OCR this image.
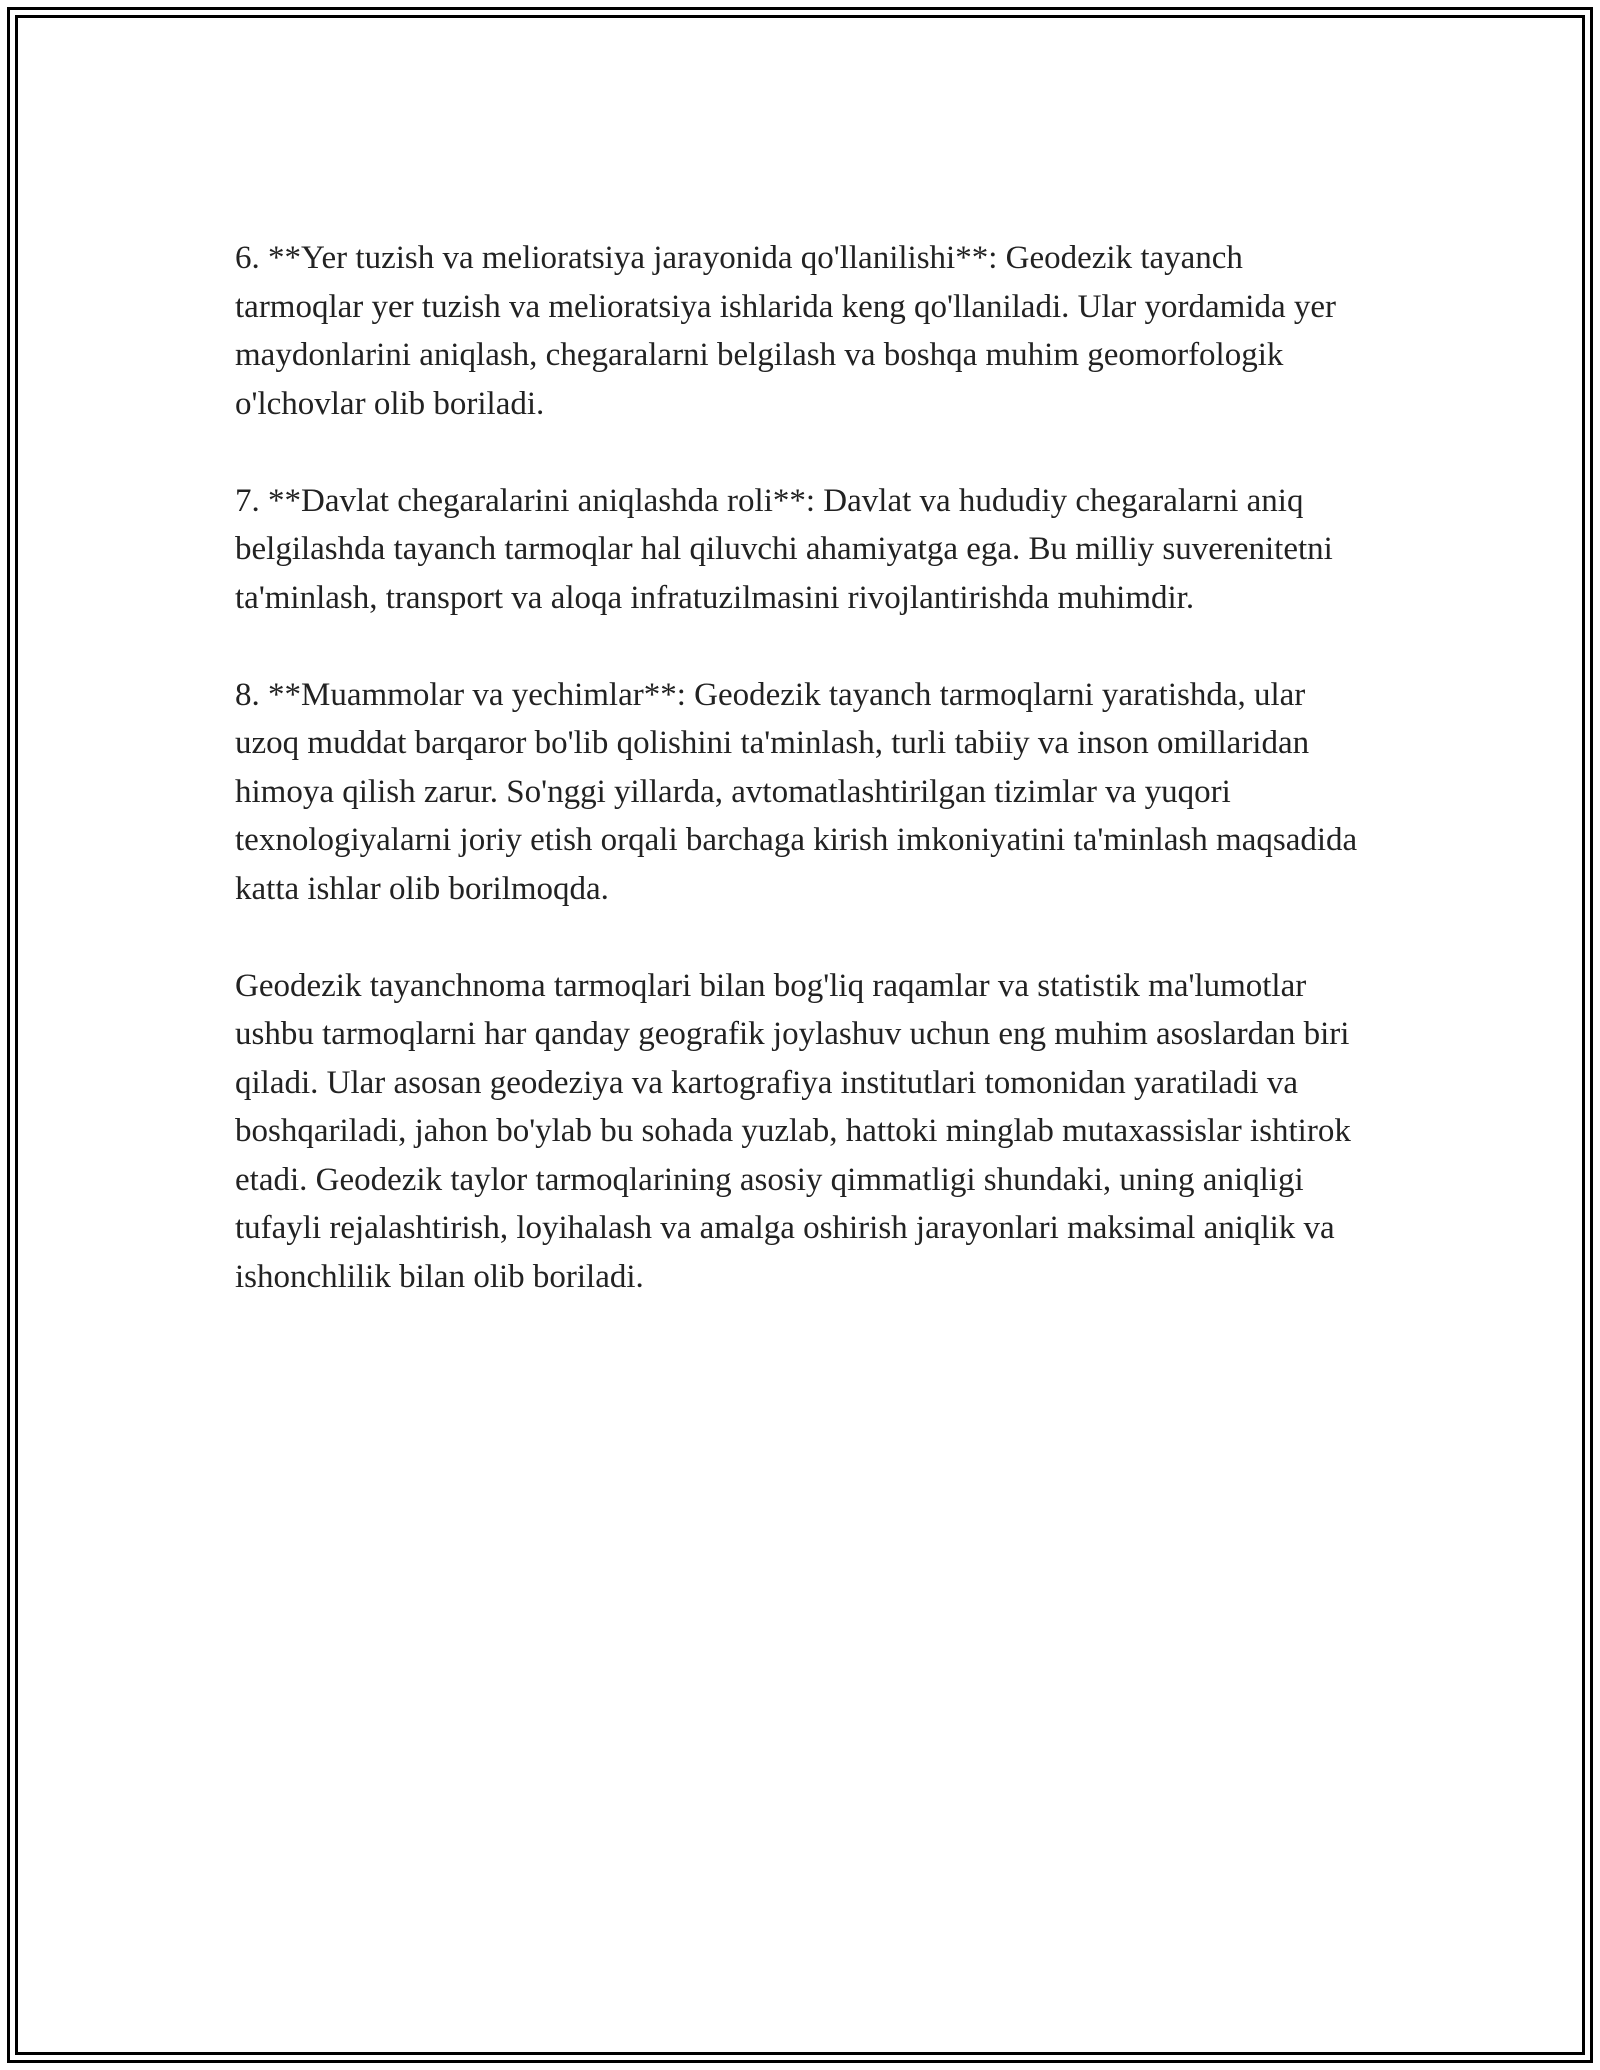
6. **Yer tuzish va melioratsiya jarayonida qo'llanilishi**: Geodezik tayanch tarmoqlar yer tuzish va melioratsiya ishlarida keng qo'llaniladi. Ular yordamida yer maydonlarini aniqlash, chegaralarni belgilash va boshqa muhim geomorfologik o'lchovlar olib boriladi.

7. **Davlat chegaralarini aniqlashda roli**: Davlat va hududiy chegaralarni aniq belgilashda tayanch tarmoqlar hal qiluvchi ahamiyatga ega. Bu milliy suverenitetni ta'minlash, transport va aloqa infratuzilmasini rivojlantirishda muhimdir.

8. **Muammolar va yechimlar**: Geodezik tayanch tarmoqlarni yaratishda, ular uzoq muddat barqaror bo'lib qolishini ta'minlash, turli tabiiy va inson omillaridan himoya qilish zarur. So'nggi yillarda, avtomatlashtirilgan tizimlar va yuqori texnologiyalarni joriy etish orqali barchaga kirish imkoniyatini ta'minlash maqsadida katta ishlar olib borilmoqda.

Geodezik tayanchnoma tarmoqlari bilan bog'liq raqamlar va statistik ma'lumotlar ushbu tarmoqlarni har qanday geografik joylashuv uchun eng muhim asoslardan biri qiladi. Ular asosan geodeziya va kartografiya institutlari tomonidan yaratiladi va boshqariladi, jahon bo'ylab bu sohada yuzlab, hattoki minglab mutaxassislar ishtirok etadi. Geodezik taylor tarmoqlarining asosiy qimmatligi shundaki, uning aniqligi tufayli rejalashtirish, loyihalash va amalga oshirish jarayonlari maksimal aniqlik va ishonchlilik bilan olib boriladi.
